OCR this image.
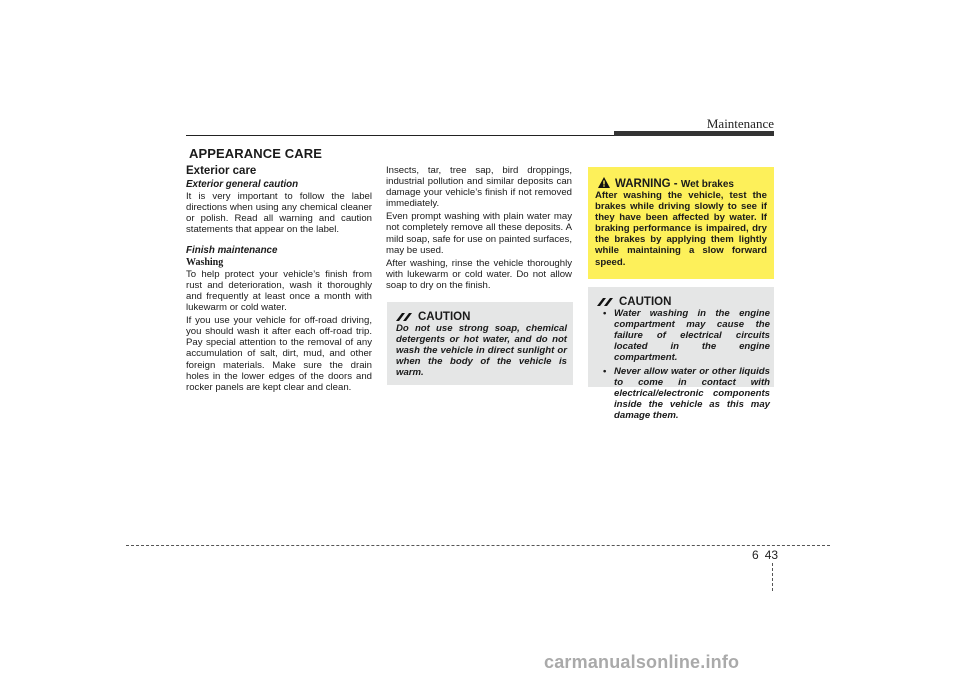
Maintenance
APPEARANCE CARE
Exterior care
Exterior general caution

It is very important to follow the label directions when using any chemical cleaner or polish. Read all warning and caution statements that appear on the label.

Finish maintenance
Washing

To help protect your vehicle’s finish from rust and deterioration, wash it thoroughly and frequently at least once a month with lukewarm or cold water.

If you use your vehicle for off-road driving, you should wash it after each off-road trip. Pay special attention to the removal of any accumulation of salt, dirt, mud, and other foreign materials. Make sure the drain holes in the lower edges of the doors and rocker panels are kept clear and clean.

Insects, tar, tree sap, bird droppings, industrial pollution and similar deposits can damage your vehicle’s finish if not removed immediately.

Even prompt washing with plain water may not completely remove all these deposits. A mild soap, safe for use on painted surfaces, may be used.

After washing, rinse the vehicle thoroughly with lukewarm or cold water. Do not allow soap to dry on the finish.

CAUTION
Do not use strong soap, chemical detergents or hot water, and do not wash the vehicle in direct sunlight or when the body of the vehicle is warm.
WARNING - Wet brakes
After washing the vehicle, test the brakes while driving slowly to see if they have been affected by water. If braking performance is impaired, dry the brakes by applying them lightly while maintaining a slow forward speed.
CAUTION
• Water washing in the engine compartment may cause the failure of electrical circuits located in the engine compartment.
• Never allow water or other liquids to come in contact with electrical/electronic components inside the vehicle as this may damage them.
6 43
carmanualsonline.info
